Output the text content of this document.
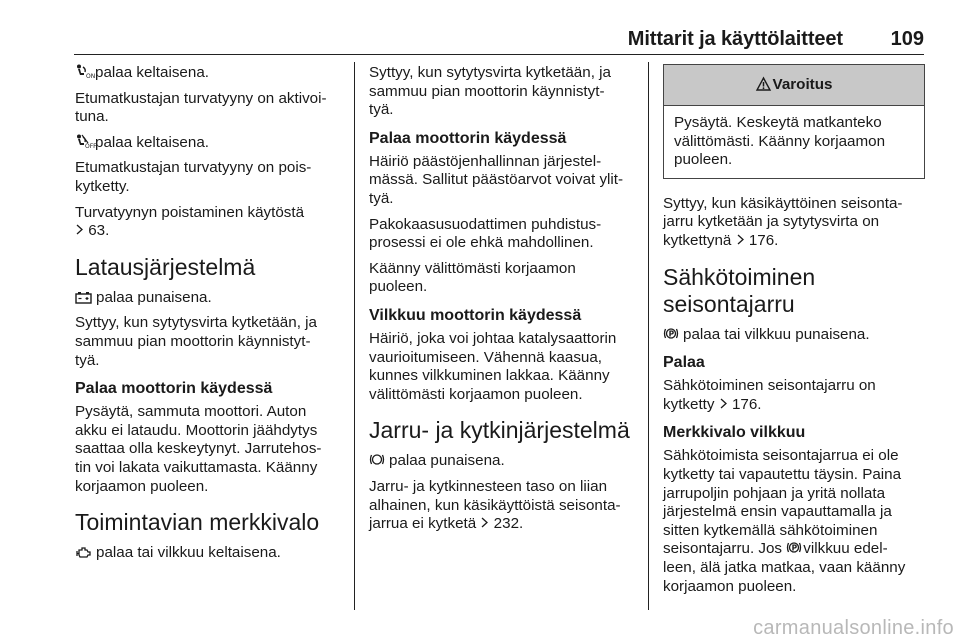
Mittarit ja käyttölaitteet 109

ON palaa keltaisena.

Etumatkustajan turvatyyny on aktivoi-
tuna.

OFF
palaa keltaisena.

Etumatkustajan turvatyyny on pois-
kytketty.

Turvatyynyn poistaminen käytöstä
63.

Latausjärjestelmä

palaa punaisena.

Syttyy, kun sytytysvirta kytketään, ja
sammuu pian moottorin käynnistyt-
tyä.

Palaa moottorin käydessä

Pysäytä, sammuta moottori. Auton
akku ei lataudu. Moottorin jäähdytys
saattaa olla keskeytynyt. Jarrutehos-
tin voi lakata vaikuttamasta. Käänny
korjaamon puoleen.

Toimintavian merkkivalo

palaa tai vilkkuu keltaisena.

Syttyy, kun sytytysvirta kytketään, ja
sammuu pian moottorin käynnistyt-
tyä.

Palaa moottorin käydessä

Häiriö päästöjenhallinnan järjestel-
mässä. Sallitut päästöarvot voivat ylit-
tyä.

Pakokaasusuodattimen puhdistus-
prosessi ei ole ehkä mahdollinen.

Käänny välittömästi korjaamon
puoleen.

Vilkkuu moottorin käydessä

Häiriö, joka voi johtaa katalysaattorin
vaurioitumiseen. Vähennä kaasua,
kunnes vilkkuminen lakkaa. Käänny
välittömästi korjaamon puoleen.

Jarru- ja kytkinjärjestelmä

palaa punaisena.

Jarru- ja kytkinnesteen taso on liian
alhainen, kun käsikäyttöistä seisonta-
jarrua ei kytketä 232.

Varoitus
Pysäytä. Keskeytä matkanteko
välittömästi. Käänny korjaamon
puoleen.

Syttyy, kun käsikäyttöinen seisonta-
jarru kytketään ja sytytysvirta on
kytkettynä 176.

Sähkötoiminen
seisontajarru

P palaa tai vilkkuu punaisena.

Palaa

Sähkötoiminen seisontajarru on
kytketty 176.

Merkkivalo vilkkuu

Sähkötoimista seisontajarrua ei ole
kytketty tai vapautettu täysin. Paina
jarrupoljin pohjaan ja yritä nollata
järjestelmä ensin vapauttamalla ja
sitten kytkemällä sähkötoiminen
seisontajarru. Jos P vilkkuu edel-
leen, älä jatka matkaa, vaan käänny
korjaamon puoleen.

carmanualsonline.info
